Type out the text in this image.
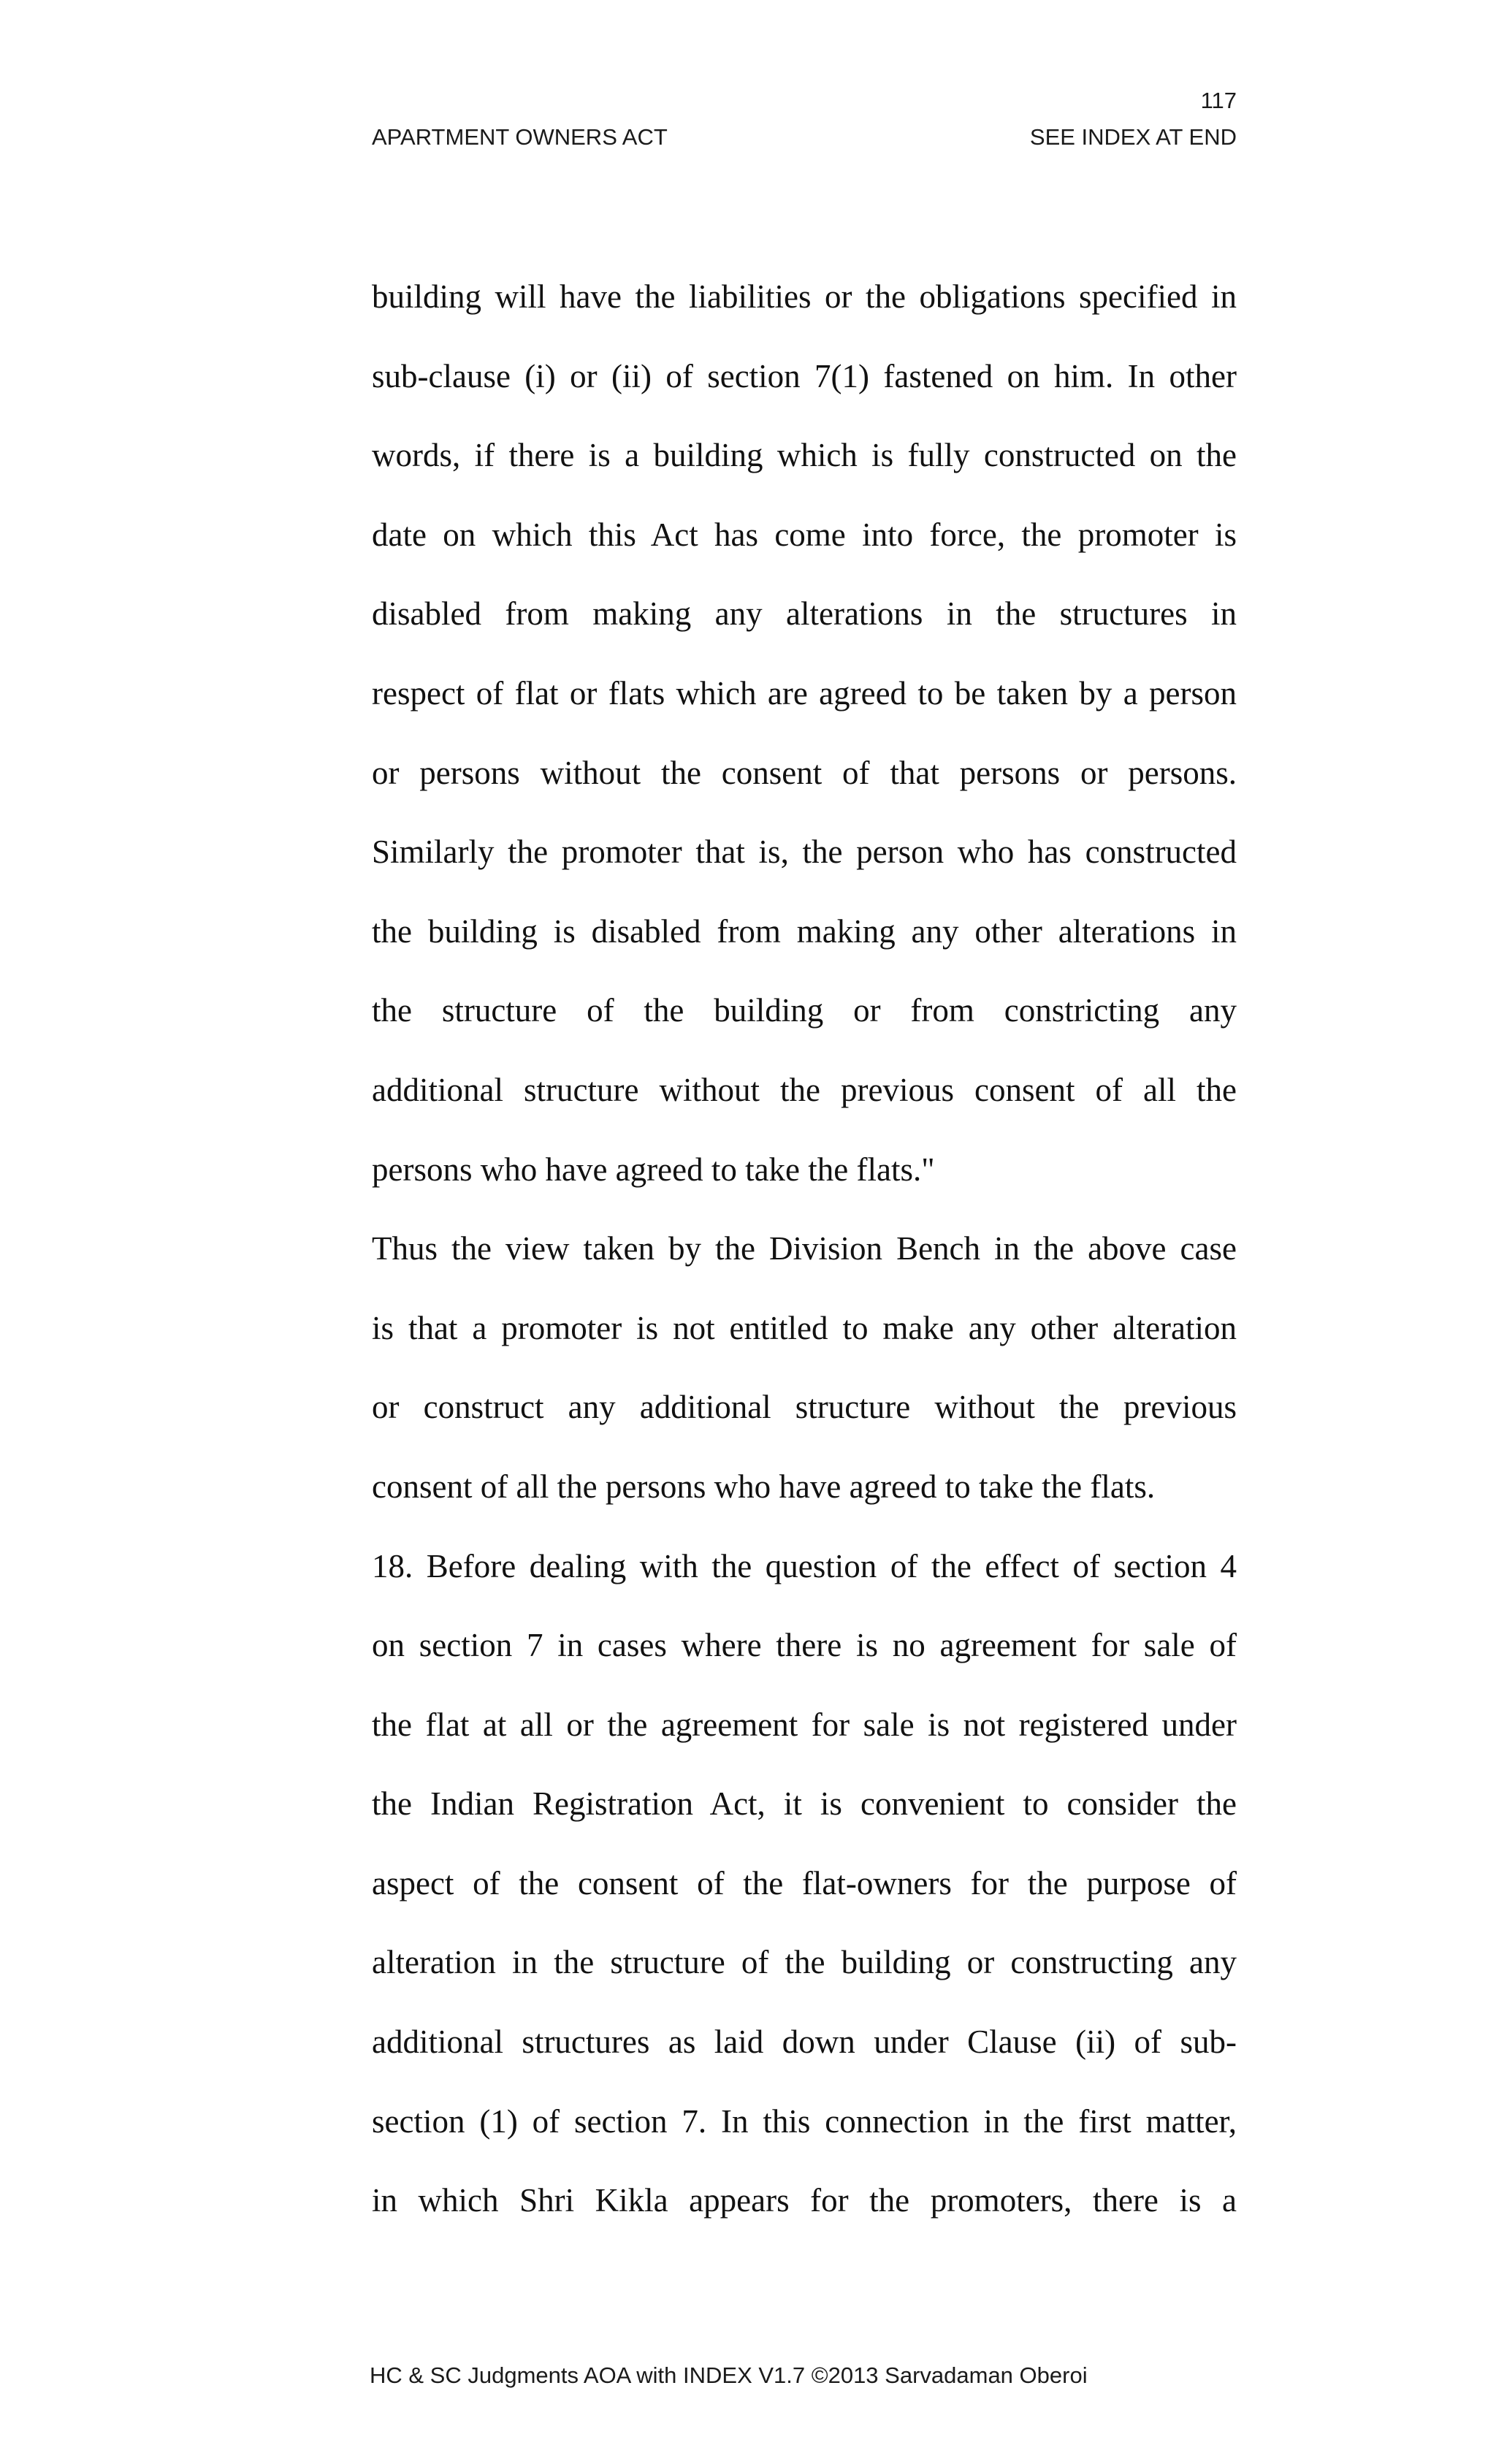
117
APARTMENT OWNERS ACT	SEE INDEX AT END
building will have the liabilities or the obligations specified in
sub-clause (i) or (ii) of section 7(1) fastened on him. In other
words, if there is a building which is fully constructed on the
date on which this Act has come into force, the promoter is
disabled from making any alterations in the structures in
respect of flat or flats which are agreed to be taken by a person
or persons without the consent of that persons or persons.
Similarly the promoter that is, the person who has constructed
the building is disabled from making any other alterations in
the structure of the building or from constricting any
additional structure without the previous consent of all the
persons who have agreed to take the flats."
Thus the view taken by the Division Bench in the above case
is that a promoter is not entitled to make any other alteration
or construct any additional structure without the previous
consent of all the persons who have agreed to take the flats.
18. Before dealing with the question of the effect of section 4
on section 7 in cases where there is no agreement for sale of
the flat at all or the agreement for sale is not registered under
the Indian Registration Act, it is convenient to consider the
aspect of the consent of the flat-owners for the purpose of
alteration in the structure of the building or constructing any
additional structures as laid down under Clause (ii) of sub-
section (1) of section 7. In this connection in the first matter,
in which Shri Kikla appears for the promoters, there is a
HC & SC Judgments AOA with INDEX V1.7 ©2013 Sarvadaman Oberoi
